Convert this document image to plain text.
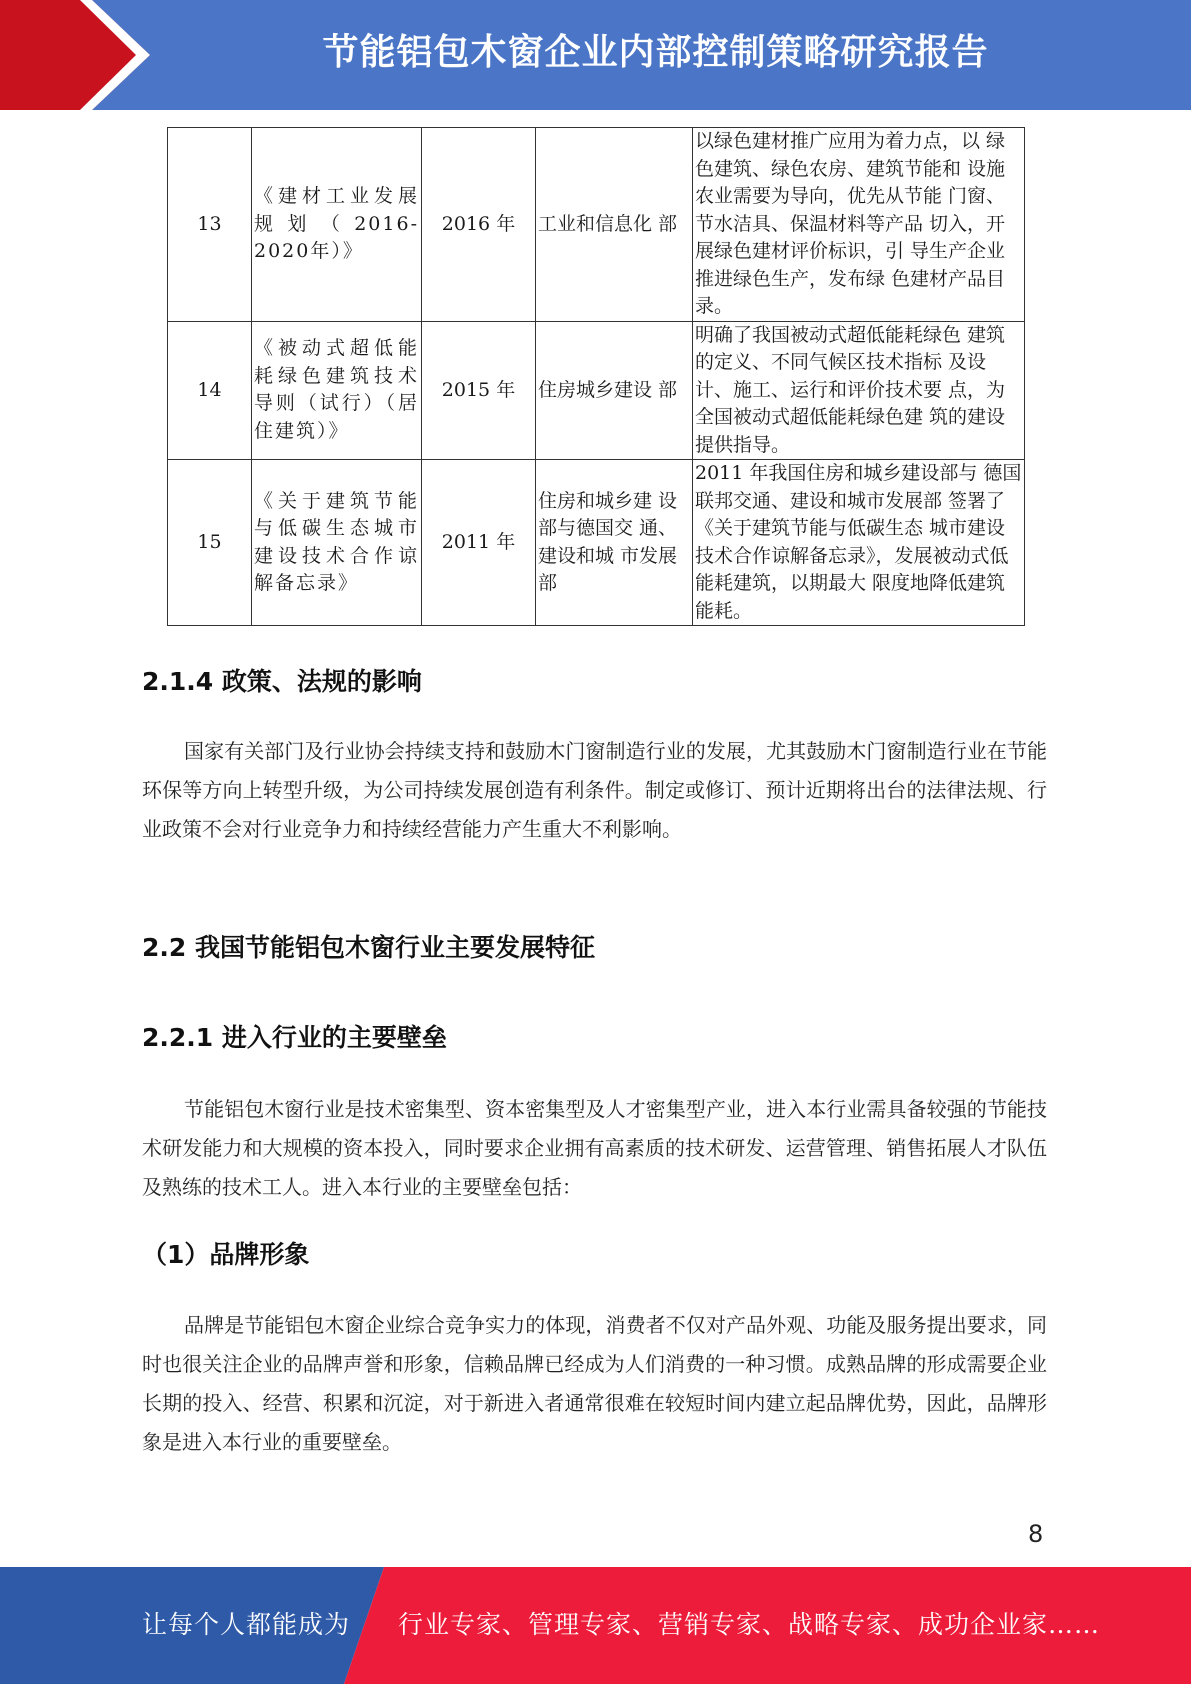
节能铝包木窗企业内部控制策略研究报告
13	《建材工业发展规划（2016-2020年）》	2016 年	工业和信息化 部	以绿色建材推广应用为着力点，以 绿色建筑、绿色农房、建筑节能和 设施农业需要为导向，优先从节能 门窗、节水洁具、保温材料等产品 切入，开展绿色建材评价标识，引 导生产企业推进绿色生产，发布绿 色建材产品目录。
14	《被动式超低能耗绿色建筑技术导则（试行）（居住建筑）》	2015 年	住房城乡建设 部	明确了我国被动式超低能耗绿色 建筑的定义、不同气候区技术指标 及设计、施工、运行和评价技术要 点，为全国被动式超低能耗绿色建 筑的建设提供指导。
15	《关于建筑节能与低碳生态城市建设技术合作谅解备忘录》	2011 年	住房和城乡建 设部与德国交 通、建设和城 市发展部	2011 年我国住房和城乡建设部与 德国联邦交通、建设和城市发展部 签署了《关于建筑节能与低碳生态 城市建设技术合作谅解备忘录》，发展被动式低能耗建筑，以期最大 限度地降低建筑能耗。
2.1.4 政策、法规的影响
国家有关部门及行业协会持续支持和鼓励木门窗制造行业的发展，尤其鼓励木门窗制造行业在节能环保等方向上转型升级，为公司持续发展创造有利条件。制定或修订、预计近期将出台的法律法规、行业政策不会对行业竞争力和持续经营能力产生重大不利影响。
2.2 我国节能铝包木窗行业主要发展特征
2.2.1 进入行业的主要壁垒
节能铝包木窗行业是技术密集型、资本密集型及人才密集型产业，进入本行业需具备较强的节能技术研发能力和大规模的资本投入，同时要求企业拥有高素质的技术研发、运营管理、销售拓展人才队伍及熟练的技术工人。进入本行业的主要壁垒包括：
（1）品牌形象
品牌是节能铝包木窗企业综合竞争实力的体现，消费者不仅对产品外观、功能及服务提出要求，同时也很关注企业的品牌声誉和形象，信赖品牌已经成为人们消费的一种习惯。成熟品牌的形成需要企业长期的投入、经营、积累和沉淀，对于新进入者通常很难在较短时间内建立起品牌优势，因此，品牌形象是进入本行业的重要壁垒。
8
让每个人都能成为 行业专家、管理专家、营销专家、战略专家、成功企业家……
